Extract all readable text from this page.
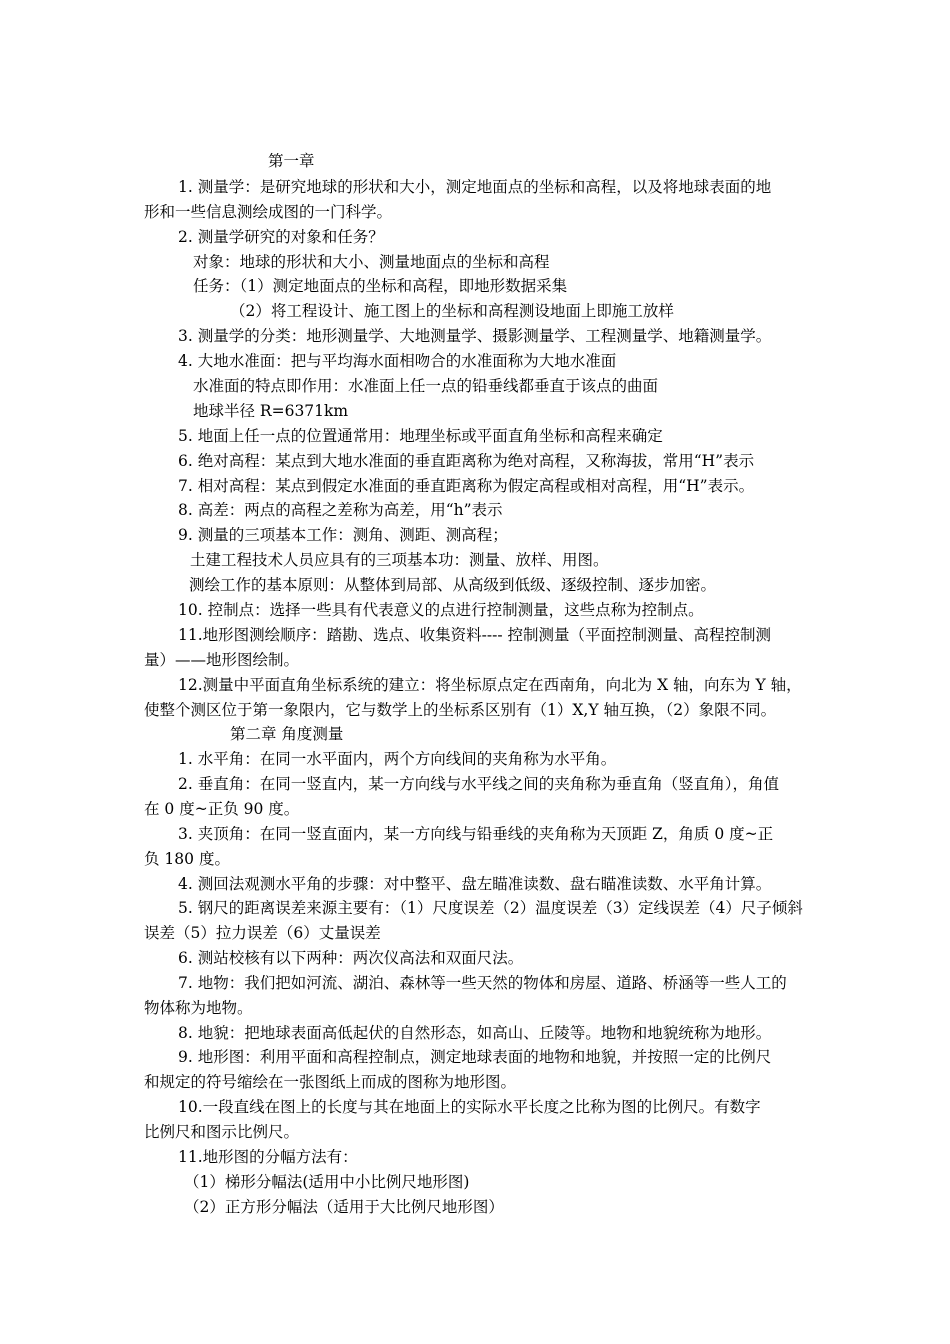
第一章
1. 测量学：是研究地球的形状和大小，测定地面点的坐标和高程，以及将地球表面的地
形和一些信息测绘成图的一门科学。
2. 测量学研究的对象和任务？
对象：地球的形状和大小、测量地面点的坐标和高程
任务：（1）测定地面点的坐标和高程，即地形数据采集
（2）将工程设计、施工图上的坐标和高程测设地面上即施工放样
3. 测量学的分类：地形测量学、大地测量学、摄影测量学、工程测量学、地籍测量学。
4. 大地水准面：把与平均海水面相吻合的水准面称为大地水准面
水准面的特点即作用：水准面上任一点的铅垂线都垂直于该点的曲面
地球半径 R=6371km
5. 地面上任一点的位置通常用：地理坐标或平面直角坐标和高程来确定
6. 绝对高程：某点到大地水准面的垂直距离称为绝对高程，又称海拔，常用“H”表示
7. 相对高程：某点到假定水准面的垂直距离称为假定高程或相对高程，用“H”表示。
8. 高差：两点的高程之差称为高差，用“h”表示
9. 测量的三项基本工作：测角、测距、测高程；
土建工程技术人员应具有的三项基本功：测量、放样、用图。
测绘工作的基本原则：从整体到局部、从高级到低级、逐级控制、逐步加密。
10. 控制点：选择一些具有代表意义的点进行控制测量，这些点称为控制点。
11.地形图测绘顺序：踏勘、选点、收集资料---- 控制测量（平面控制测量、高程控制测
量）——地形图绘制。
12.测量中平面直角坐标系统的建立：将坐标原点定在西南角，向北为 X 轴，向东为 Y 轴，
使整个测区位于第一象限内，它与数学上的坐标系区别有（1）X,Y 轴互换，（2）象限不同。
第二章 角度测量
1. 水平角：在同一水平面内，两个方向线间的夹角称为水平角。
2. 垂直角：在同一竖直内，某一方向线与水平线之间的夹角称为垂直角（竖直角），角值
在 0 度~正负 90 度。
3. 夹顶角：在同一竖直面内，某一方向线与铅垂线的夹角称为天顶距 Z，角质 0 度~正
负 180 度。
4. 测回法观测水平角的步骤：对中整平、盘左瞄准读数、盘右瞄准读数、水平角计算。
5. 钢尺的距离误差来源主要有：（1）尺度误差（2）温度误差（3）定线误差（4）尺子倾斜
误差（5）拉力误差（6）丈量误差
6. 测站校核有以下两种：两次仪高法和双面尺法。
7. 地物：我们把如河流、湖泊、森林等一些天然的物体和房屋、道路、桥涵等一些人工的
物体称为地物。
8. 地貌：把地球表面高低起伏的自然形态，如高山、丘陵等。地物和地貌统称为地形。
9. 地形图：利用平面和高程控制点，测定地球表面的地物和地貌，并按照一定的比例尺
和规定的符号缩绘在一张图纸上而成的图称为地形图。
10.一段直线在图上的长度与其在地面上的实际水平长度之比称为图的比例尺。有数字
比例尺和图示比例尺。
11.地形图的分幅方法有：
（1）梯形分幅法(适用中小比例尺地形图)
（2）正方形分幅法（适用于大比例尺地形图）
